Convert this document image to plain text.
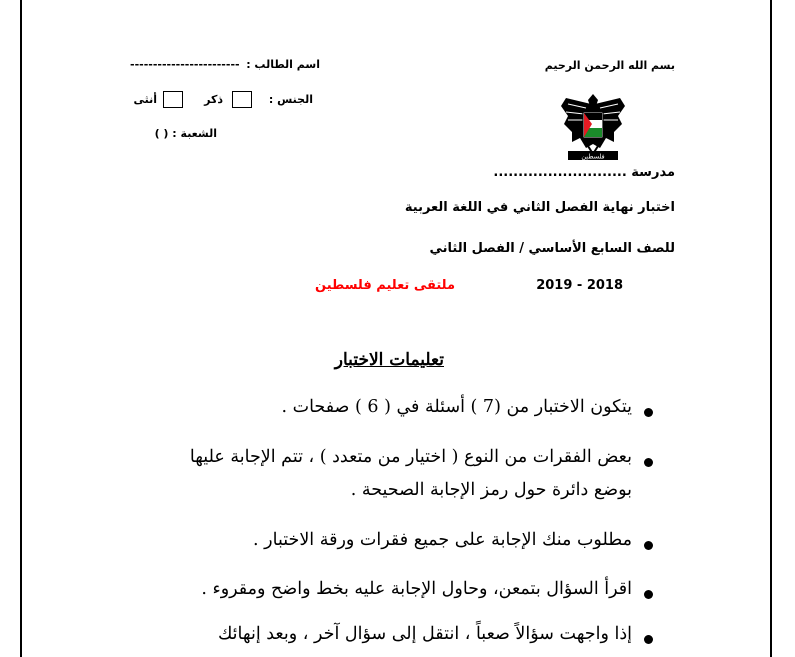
اسم الطالب :
------------------------
الجنس :
ذكر
أنثى
الشعبة : ( )
بسم الله الرحمن الرحيم
فلسطين
مدرسة ...........................
اختبار نهاية الفصل الثاني في اللغة العربية
للصف السابع الأساسي / الفصل الثاني
2019 - 2018
ملتقى تعليم فلسطين
تعليمات الاختبار
يتكون الاختبار من (7 ) أسئلة في ( 6 ) صفحات .
بعض الفقرات من النوع ( اختيار من متعدد ) ، تتم الإجابة عليها
بوضع دائرة حول رمز الإجابة الصحيحة .
مطلوب منك الإجابة على جميع فقرات ورقة الاختبار .
اقرأ السؤال بتمعن، وحاول الإجابة عليه بخط واضح ومقروء .
إذا واجهت سؤالاً صعباً ، انتقل إلى سؤال آخر ، وبعد إنهائك
